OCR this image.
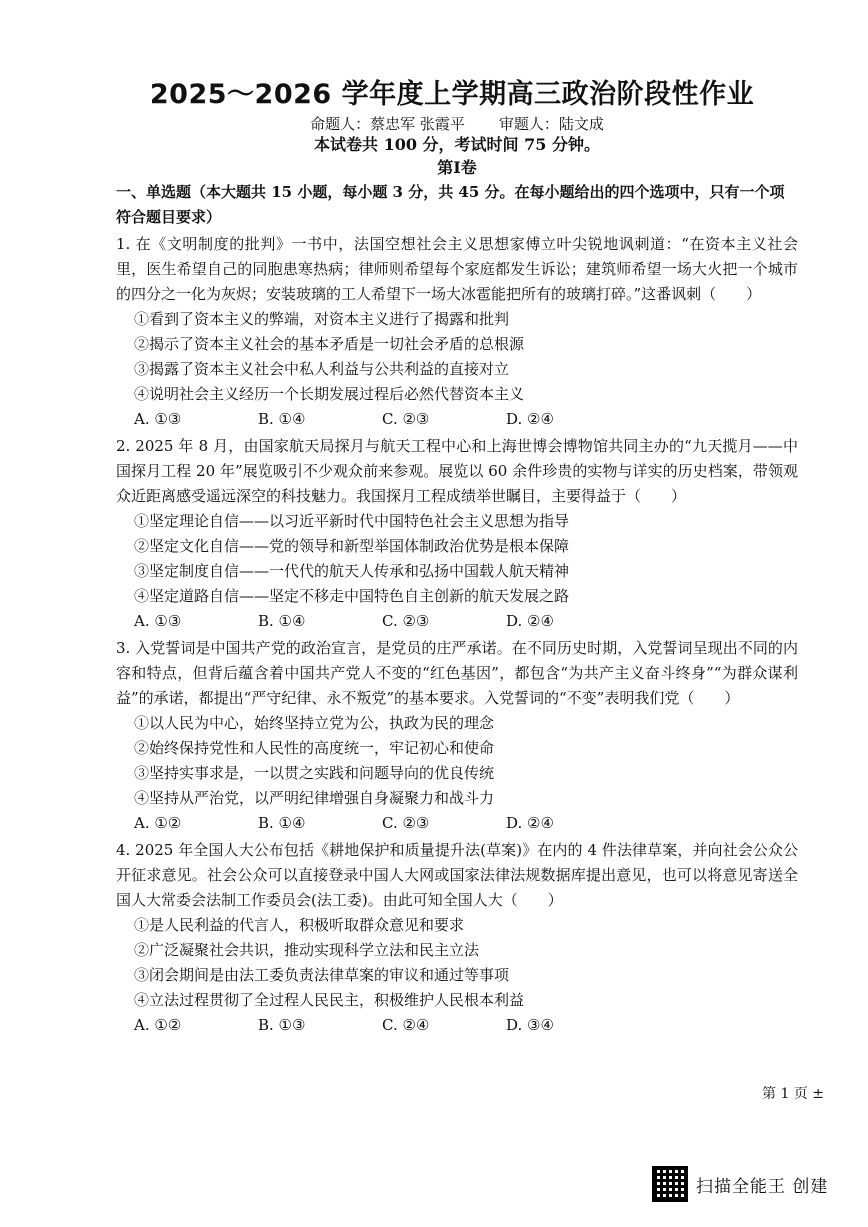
2025～2026 学年度上学期高三政治阶段性作业
命题人：蔡忠军 张霞平 审题人：陆文成
本试卷共 100 分，考试时间 75 分钟。
第Ⅰ卷
一、单选题（本大题共 15 小题，每小题 3 分，共 45 分。在每小题给出的四个选项中，只有一个项符合题目要求）
1. 在《文明制度的批判》一书中，法国空想社会主义思想家傅立叶尖锐地讽刺道：“在资本主义社会里，医生希望自己的同胞患寒热病；律师则希望每个家庭都发生诉讼；建筑师希望一场大火把一个城市的四分之一化为灰烬；安装玻璃的工人希望下一场大冰雹能把所有的玻璃打碎。”这番讽刺（　　）
①看到了资本主义的弊端，对资本主义进行了揭露和批判
②揭示了资本主义社会的基本矛盾是一切社会矛盾的总根源
③揭露了资本主义社会中私人利益与公共利益的直接对立
④说明社会主义经历一个长期发展过程后必然代替资本主义
A. ①③	B. ①④	C. ②③	D. ②④
2. 2025 年 8 月，由国家航天局探月与航天工程中心和上海世博会博物馆共同主办的“九天揽月——中国探月工程 20 年”展览吸引不少观众前来参观。展览以 60 余件珍贵的实物与详实的历史档案，带领观众近距离感受遥远深空的科技魅力。我国探月工程成绩举世瞩目，主要得益于（　　）
①坚定理论自信——以习近平新时代中国特色社会主义思想为指导
②坚定文化自信——党的领导和新型举国体制政治优势是根本保障
③坚定制度自信——一代代的航天人传承和弘扬中国载人航天精神
④坚定道路自信——坚定不移走中国特色自主创新的航天发展之路
A. ①③	B. ①④	C. ②③	D. ②④
3. 入党誓词是中国共产党的政治宣言，是党员的庄严承诺。在不同历史时期，入党誓词呈现出不同的内容和特点，但背后蕴含着中国共产党人不变的“红色基因”，都包含“为共产主义奋斗终身”“为群众谋利益”的承诺，都提出“严守纪律、永不叛党”的基本要求。入党誓词的“不变”表明我们党（　　）
①以人民为中心，始终坚持立党为公，执政为民的理念
②始终保持党性和人民性的高度统一，牢记初心和使命
③坚持实事求是，一以贯之实践和问题导向的优良传统
④坚持从严治党，以严明纪律增强自身凝聚力和战斗力
A. ①②	B. ①④	C. ②③	D. ②④
4. 2025 年全国人大公布包括《耕地保护和质量提升法(草案)》在内的 4 件法律草案，并向社会公众公开征求意见。社会公众可以直接登录中国人大网或国家法律法规数据库提出意见，也可以将意见寄送全国人大常委会法制工作委员会(法工委)。由此可知全国人大（　　）
①是人民利益的代言人，积极听取群众意见和要求
②广泛凝聚社会共识，推动实现科学立法和民主立法
③闭会期间是由法工委负责法律草案的审议和通过等事项
④立法过程贯彻了全过程人民民主，积极维护人民根本利益
A. ①②	B. ①③	C. ②④	D. ③④
第 1 页 ±
扫描全能王 创建
